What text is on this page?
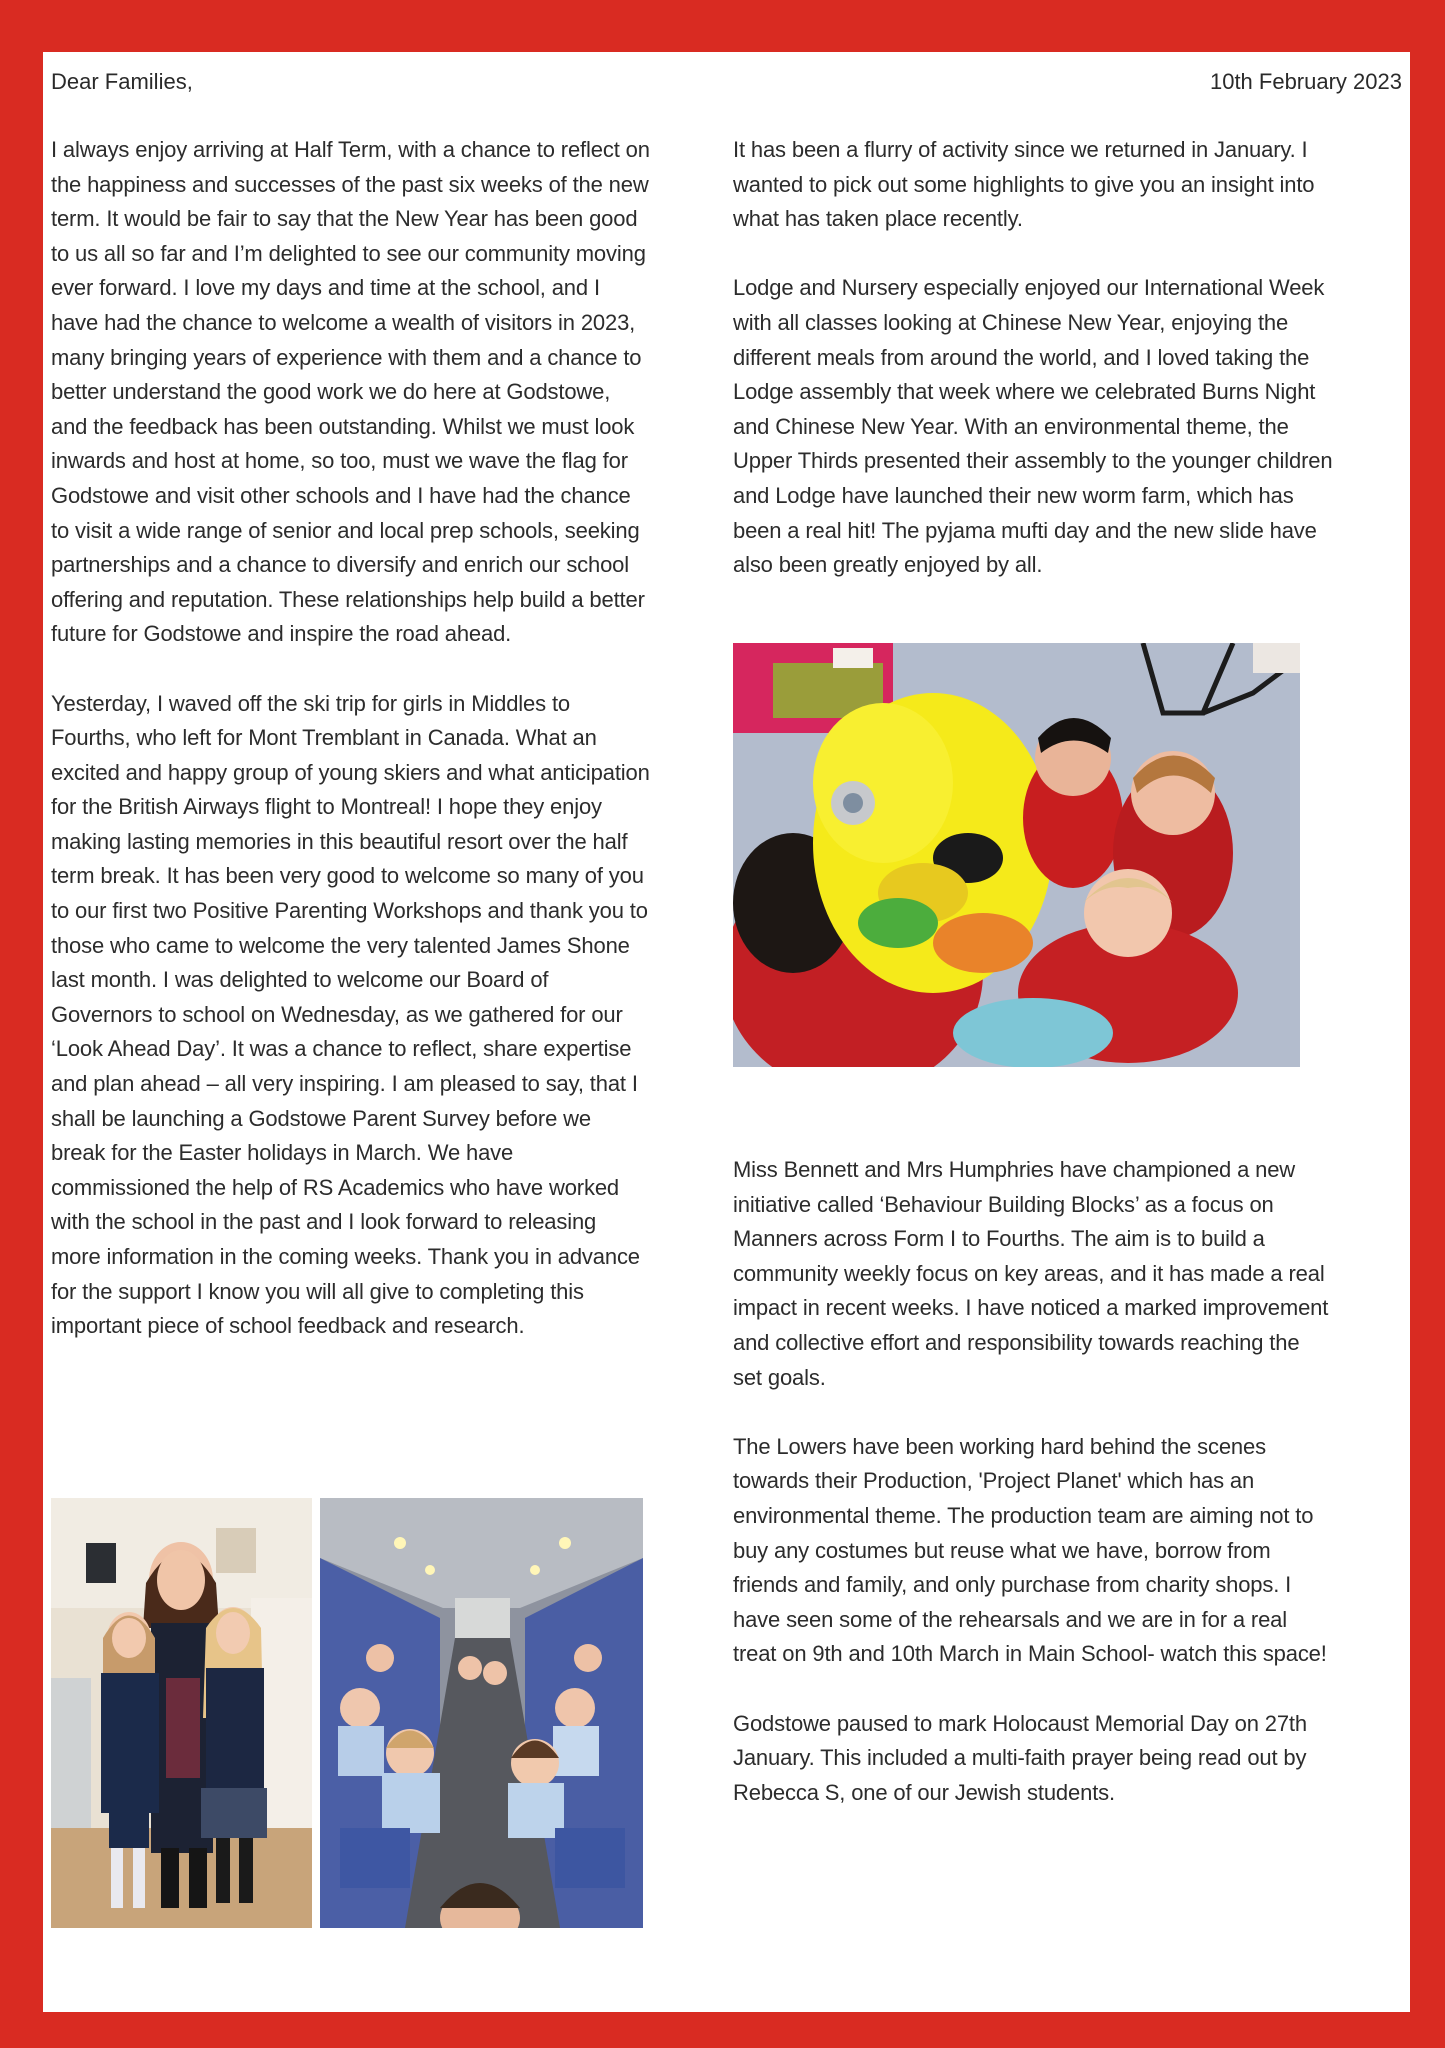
Dear Families,	10th February 2023

I always enjoy arriving at Half Term, with a chance to reflect on the happiness and successes of the past six weeks of the new term. It would be fair to say that the New Year has been good to us all so far and I’m delighted to see our community moving ever forward. I love my days and time at the school, and I have had the chance to welcome a wealth of visitors in 2023, many bringing years of experience with them and a chance to better understand the good work we do here at Godstowe, and the feedback has been outstanding. Whilst we must look inwards and host at home, so too, must we wave the flag for Godstowe and visit other schools and I have had the chance to visit a wide range of senior and local prep schools, seeking partnerships and a chance to diversify and enrich our school offering and reputation. These relationships help build a better future for Godstowe and inspire the road ahead.

Yesterday, I waved off the ski trip for girls in Middles to Fourths, who left for Mont Tremblant in Canada. What an excited and happy group of young skiers and what anticipation for the British Airways flight to Montreal! I hope they enjoy making lasting memories in this beautiful resort over the half term break. It has been very good to welcome so many of you to our first two Positive Parenting Workshops and thank you to those who came to welcome the very talented James Shone last month. I was delighted to welcome our Board of Governors to school on Wednesday, as we gathered for our ‘Look Ahead Day’. It was a chance to reflect, share expertise and plan ahead – all very inspiring. I am pleased to say, that I shall be launching a Godstowe Parent Survey before we break for the Easter holidays in March. We have commissioned the help of RS Academics who have worked with the school in the past and I look forward to releasing more information in the coming weeks. Thank you in advance for the support I know you will all give to completing this important piece of school feedback and research.

It has been a flurry of activity since we returned in January. I wanted to pick out some highlights to give you an insight into what has taken place recently.

Lodge and Nursery especially enjoyed our International Week with all classes looking at Chinese New Year, enjoying the different meals from around the world, and I loved taking the Lodge assembly that week where we celebrated Burns Night and Chinese New Year. With an environmental theme, the Upper Thirds presented their assembly to the younger children and Lodge have launched their new worm farm, which has been a real hit! The pyjama mufti day and the new slide have also been greatly enjoyed by all.

Miss Bennett and Mrs Humphries have championed a new initiative called ‘Behaviour Building Blocks’ as a focus on Manners across Form I to Fourths. The aim is to build a community weekly focus on key areas, and it has made a real impact in recent weeks. I have noticed a marked improvement and collective effort and responsibility towards reaching the set goals.

The Lowers have been working hard behind the scenes towards their Production, 'Project Planet' which has an environmental theme. The production team are aiming not to buy any costumes but reuse what we have, borrow from friends and family, and only purchase from charity shops. I have seen some of the rehearsals and we are in for a real treat on 9th and 10th March in Main School- watch this space!

Godstowe paused to mark Holocaust Memorial Day on 27th January. This included a multi-faith prayer being read out by Rebecca S, one of our Jewish students.
